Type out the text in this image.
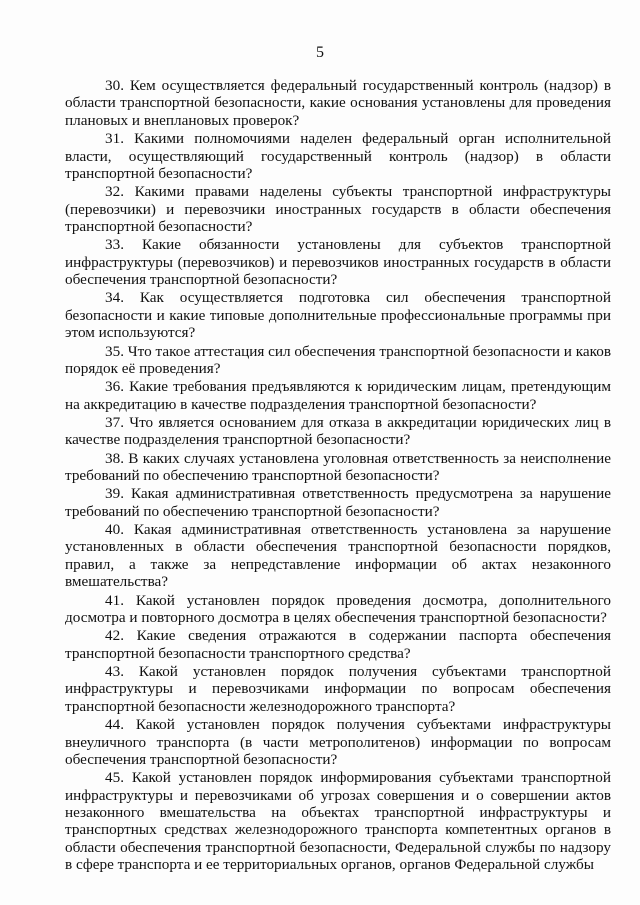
5

30. Кем осуществляется федеральный государственный контроль (надзор) в области транспортной безопасности, какие основания установлены для проведения плановых и внеплановых проверок?

31. Какими полномочиями наделен федеральный орган исполнительной власти, осуществляющий государственный контроль (надзор) в области транспортной безопасности?

32. Какими правами наделены субъекты транспортной инфраструктуры (перевозчики) и перевозчики иностранных государств в области обеспечения транспортной безопасности?

33. Какие обязанности установлены для субъектов транспортной инфраструктуры (перевозчиков) и перевозчиков иностранных государств в области обеспечения транспортной безопасности?

34. Как осуществляется подготовка сил обеспечения транспортной безопасности и какие типовые дополнительные профессиональные программы при этом используются?

35. Что такое аттестация сил обеспечения транспортной безопасности и каков порядок её проведения?

36. Какие требования предъявляются к юридическим лицам, претендующим на аккредитацию в качестве подразделения транспортной безопасности?

37. Что является основанием для отказа в аккредитации юридических лиц в качестве подразделения транспортной безопасности?

38. В каких случаях установлена уголовная ответственность за неисполнение требований по обеспечению транспортной безопасности?

39. Какая административная ответственность предусмотрена за нарушение требований по обеспечению транспортной безопасности?

40. Какая административная ответственность установлена за нарушение установленных в области обеспечения транспортной безопасности порядков, правил, а также за непредставление информации об актах незаконного вмешательства?

41. Какой установлен порядок проведения досмотра, дополнительного досмотра и повторного досмотра в целях обеспечения транспортной безопасности?

42. Какие сведения отражаются в содержании паспорта обеспечения транспортной безопасности транспортного средства?

43. Какой установлен порядок получения субъектами транспортной инфраструктуры и перевозчиками информации по вопросам обеспечения транспортной безопасности железнодорожного транспорта?

44. Какой установлен порядок получения субъектами инфраструктуры внеуличного транспорта (в части метрополитенов) информации по вопросам обеспечения транспортной безопасности?

45. Какой установлен порядок информирования субъектами транспортной инфраструктуры и перевозчиками об угрозах совершения и о совершении актов незаконного вмешательства на объектах транспортной инфраструктуры и транспортных средствах железнодорожного транспорта компетентных органов в области обеспечения транспортной безопасности, Федеральной службы по надзору в сфере транспорта и ее территориальных органов, органов Федеральной службы
